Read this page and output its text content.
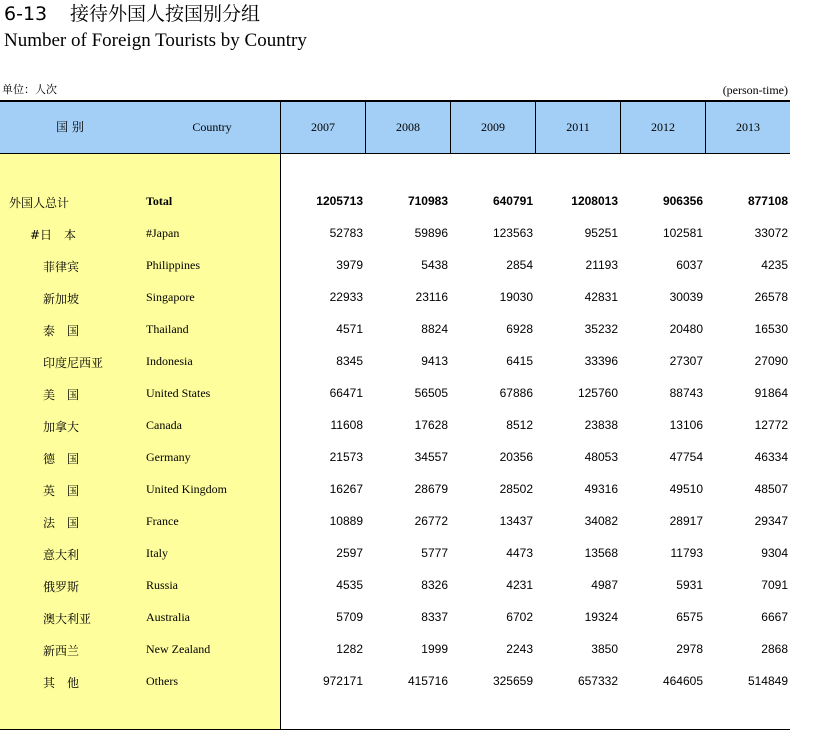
6-13 接待外国人按国别分组
Number of Foreign Tourists by Country
单位：人次	(person-time)
国 别	Country	2007	2008	2009	2011	2012	2013
外国人总计	Total	1205713	710983	640791	1208013	906356	877108
#日　本	#Japan	52783	59896	123563	95251	102581	33072
菲律宾	Philippines	3979	5438	2854	21193	6037	4235
新加坡	Singapore	22933	23116	19030	42831	30039	26578
泰　国	Thailand	4571	8824	6928	35232	20480	16530
印度尼西亚	Indonesia	8345	9413	6415	33396	27307	27090
美　国	United States	66471	56505	67886	125760	88743	91864
加拿大	Canada	11608	17628	8512	23838	13106	12772
德　国	Germany	21573	34557	20356	48053	47754	46334
英　国	United Kingdom	16267	28679	28502	49316	49510	48507
法　国	France	10889	26772	13437	34082	28917	29347
意大利	Italy	2597	5777	4473	13568	11793	9304
俄罗斯	Russia	4535	8326	4231	4987	5931	7091
澳大利亚	Australia	5709	8337	6702	19324	6575	6667
新西兰	New Zealand	1282	1999	2243	3850	2978	2868
其　他	Others	972171	415716	325659	657332	464605	514849
